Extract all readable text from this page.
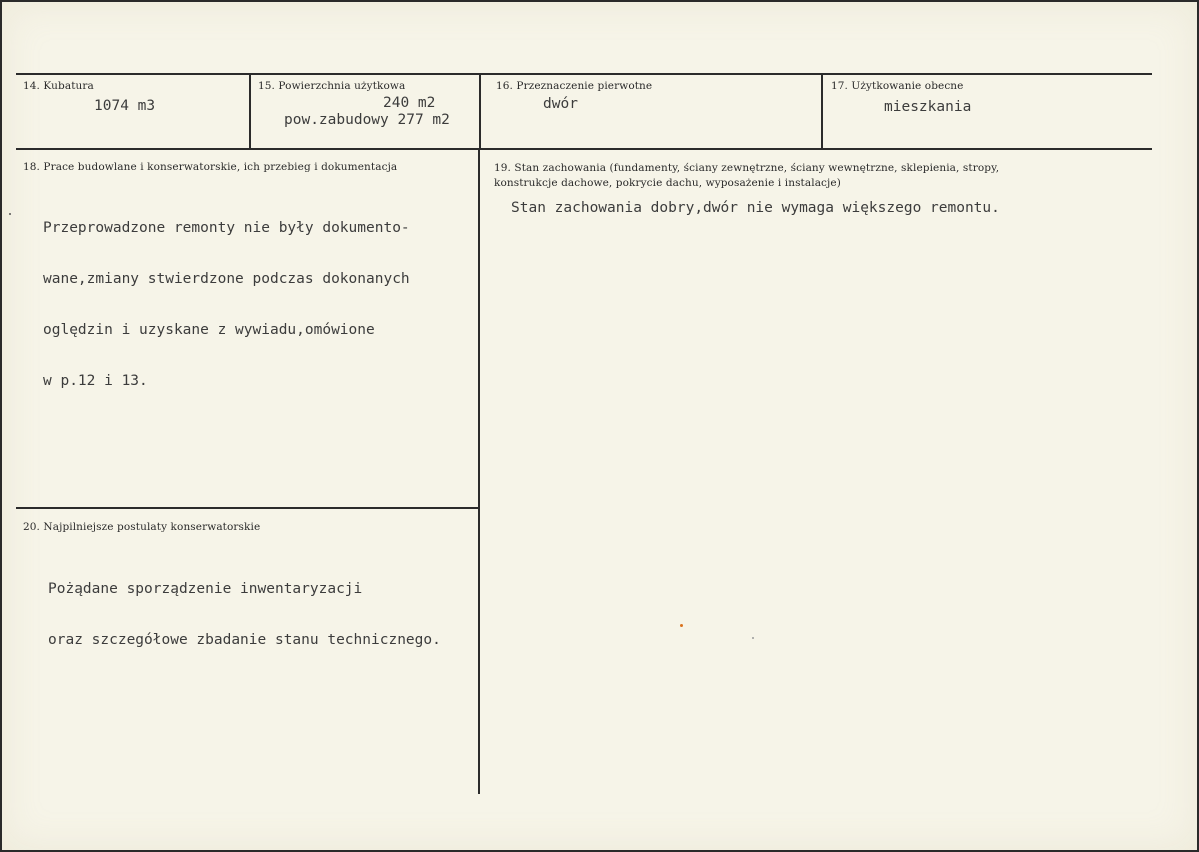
14. Kubatura
1074 m3
15. Powierzchnia użytkowa
240 m2
pow.zabudowy 277 m2
16. Przeznaczenie pierwotne
dwór
17. Użytkowanie obecne
mieszkania
18. Prace budowlane i konserwatorskie, ich przebieg i dokumentacja

Przeprowadzone remonty nie były dokumento-

wane,zmiany stwierdzone podczas dokonanych

oględzin i uzyskane z wywiadu,omówione

w p.12 i 13.

19. Stan zachowania (fundamenty, ściany zewnętrzne, ściany wewnętrzne, sklepienia, stropy,
konstrukcje dachowe, pokrycie dachu, wyposażenie i instalacje)
Stan zachowania dobry,dwór nie wymaga większego remontu.
20. Najpilniejsze postulaty konserwatorskie

Pożądane sporządzenie inwentaryzacji

oraz szczegółowe zbadanie stanu technicznego.
